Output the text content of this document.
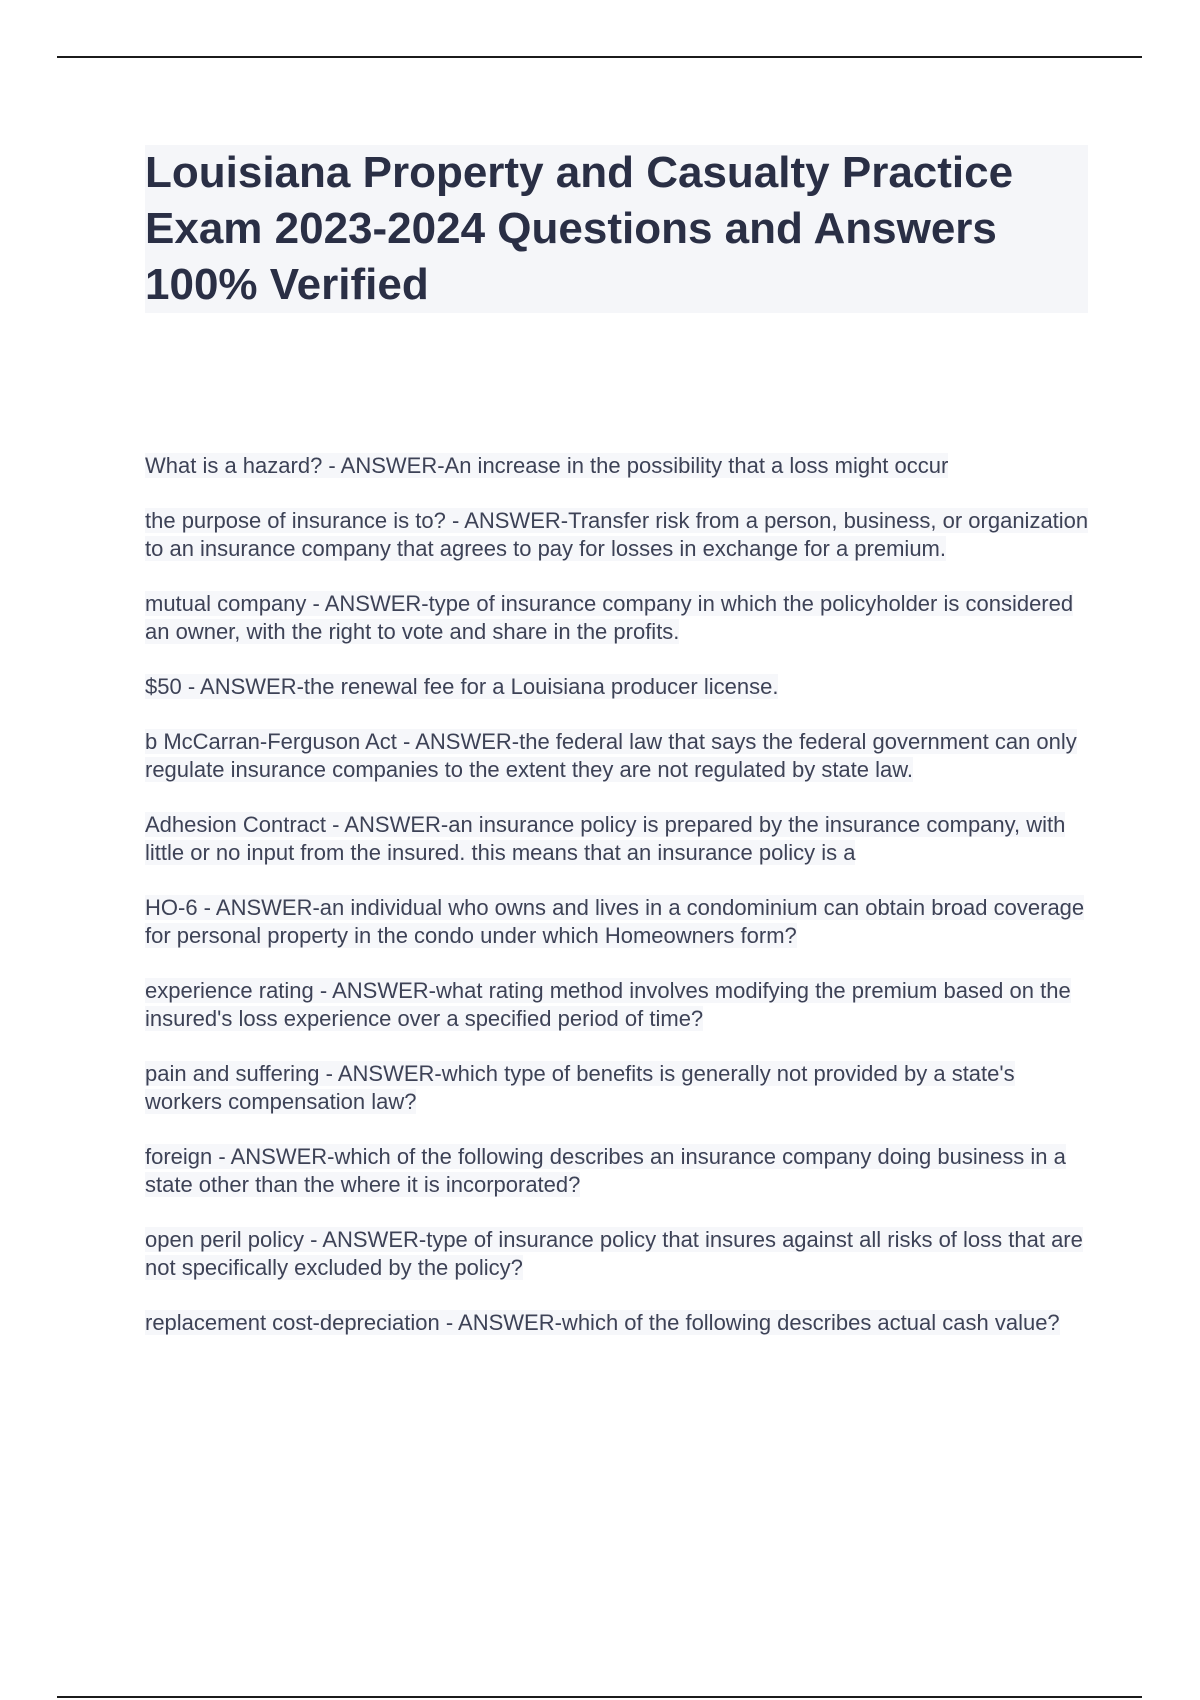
Louisiana Property and Casualty Practice Exam 2023-2024 Questions and Answers 100% Verified
What is a hazard? - ANSWER-An increase in the possibility that a loss might occur
the purpose of insurance is to? - ANSWER-Transfer risk from a person, business, or organization to an insurance company that agrees to pay for losses in exchange for a premium.
mutual company - ANSWER-type of insurance company in which the policyholder is considered an owner, with the right to vote and share in the profits.
$50 - ANSWER-the renewal fee for a Louisiana producer license.
b McCarran-Ferguson Act - ANSWER-the federal law that says the federal government can only regulate insurance companies to the extent they are not regulated by state law.
Adhesion Contract - ANSWER-an insurance policy is prepared by the insurance company, with little or no input from the insured. this means that an insurance policy is a
HO-6 - ANSWER-an individual who owns and lives in a condominium can obtain broad coverage for personal property in the condo under which Homeowners form?
experience rating - ANSWER-what rating method involves modifying the premium based on the insured's loss experience over a specified period of time?
pain and suffering - ANSWER-which type of benefits is generally not provided by a state's workers compensation law?
foreign - ANSWER-which of the following describes an insurance company doing business in a state other than the where it is incorporated?
open peril policy - ANSWER-type of insurance policy that insures against all risks of loss that are not specifically excluded by the policy?
replacement cost-depreciation - ANSWER-which of the following describes actual cash value?
